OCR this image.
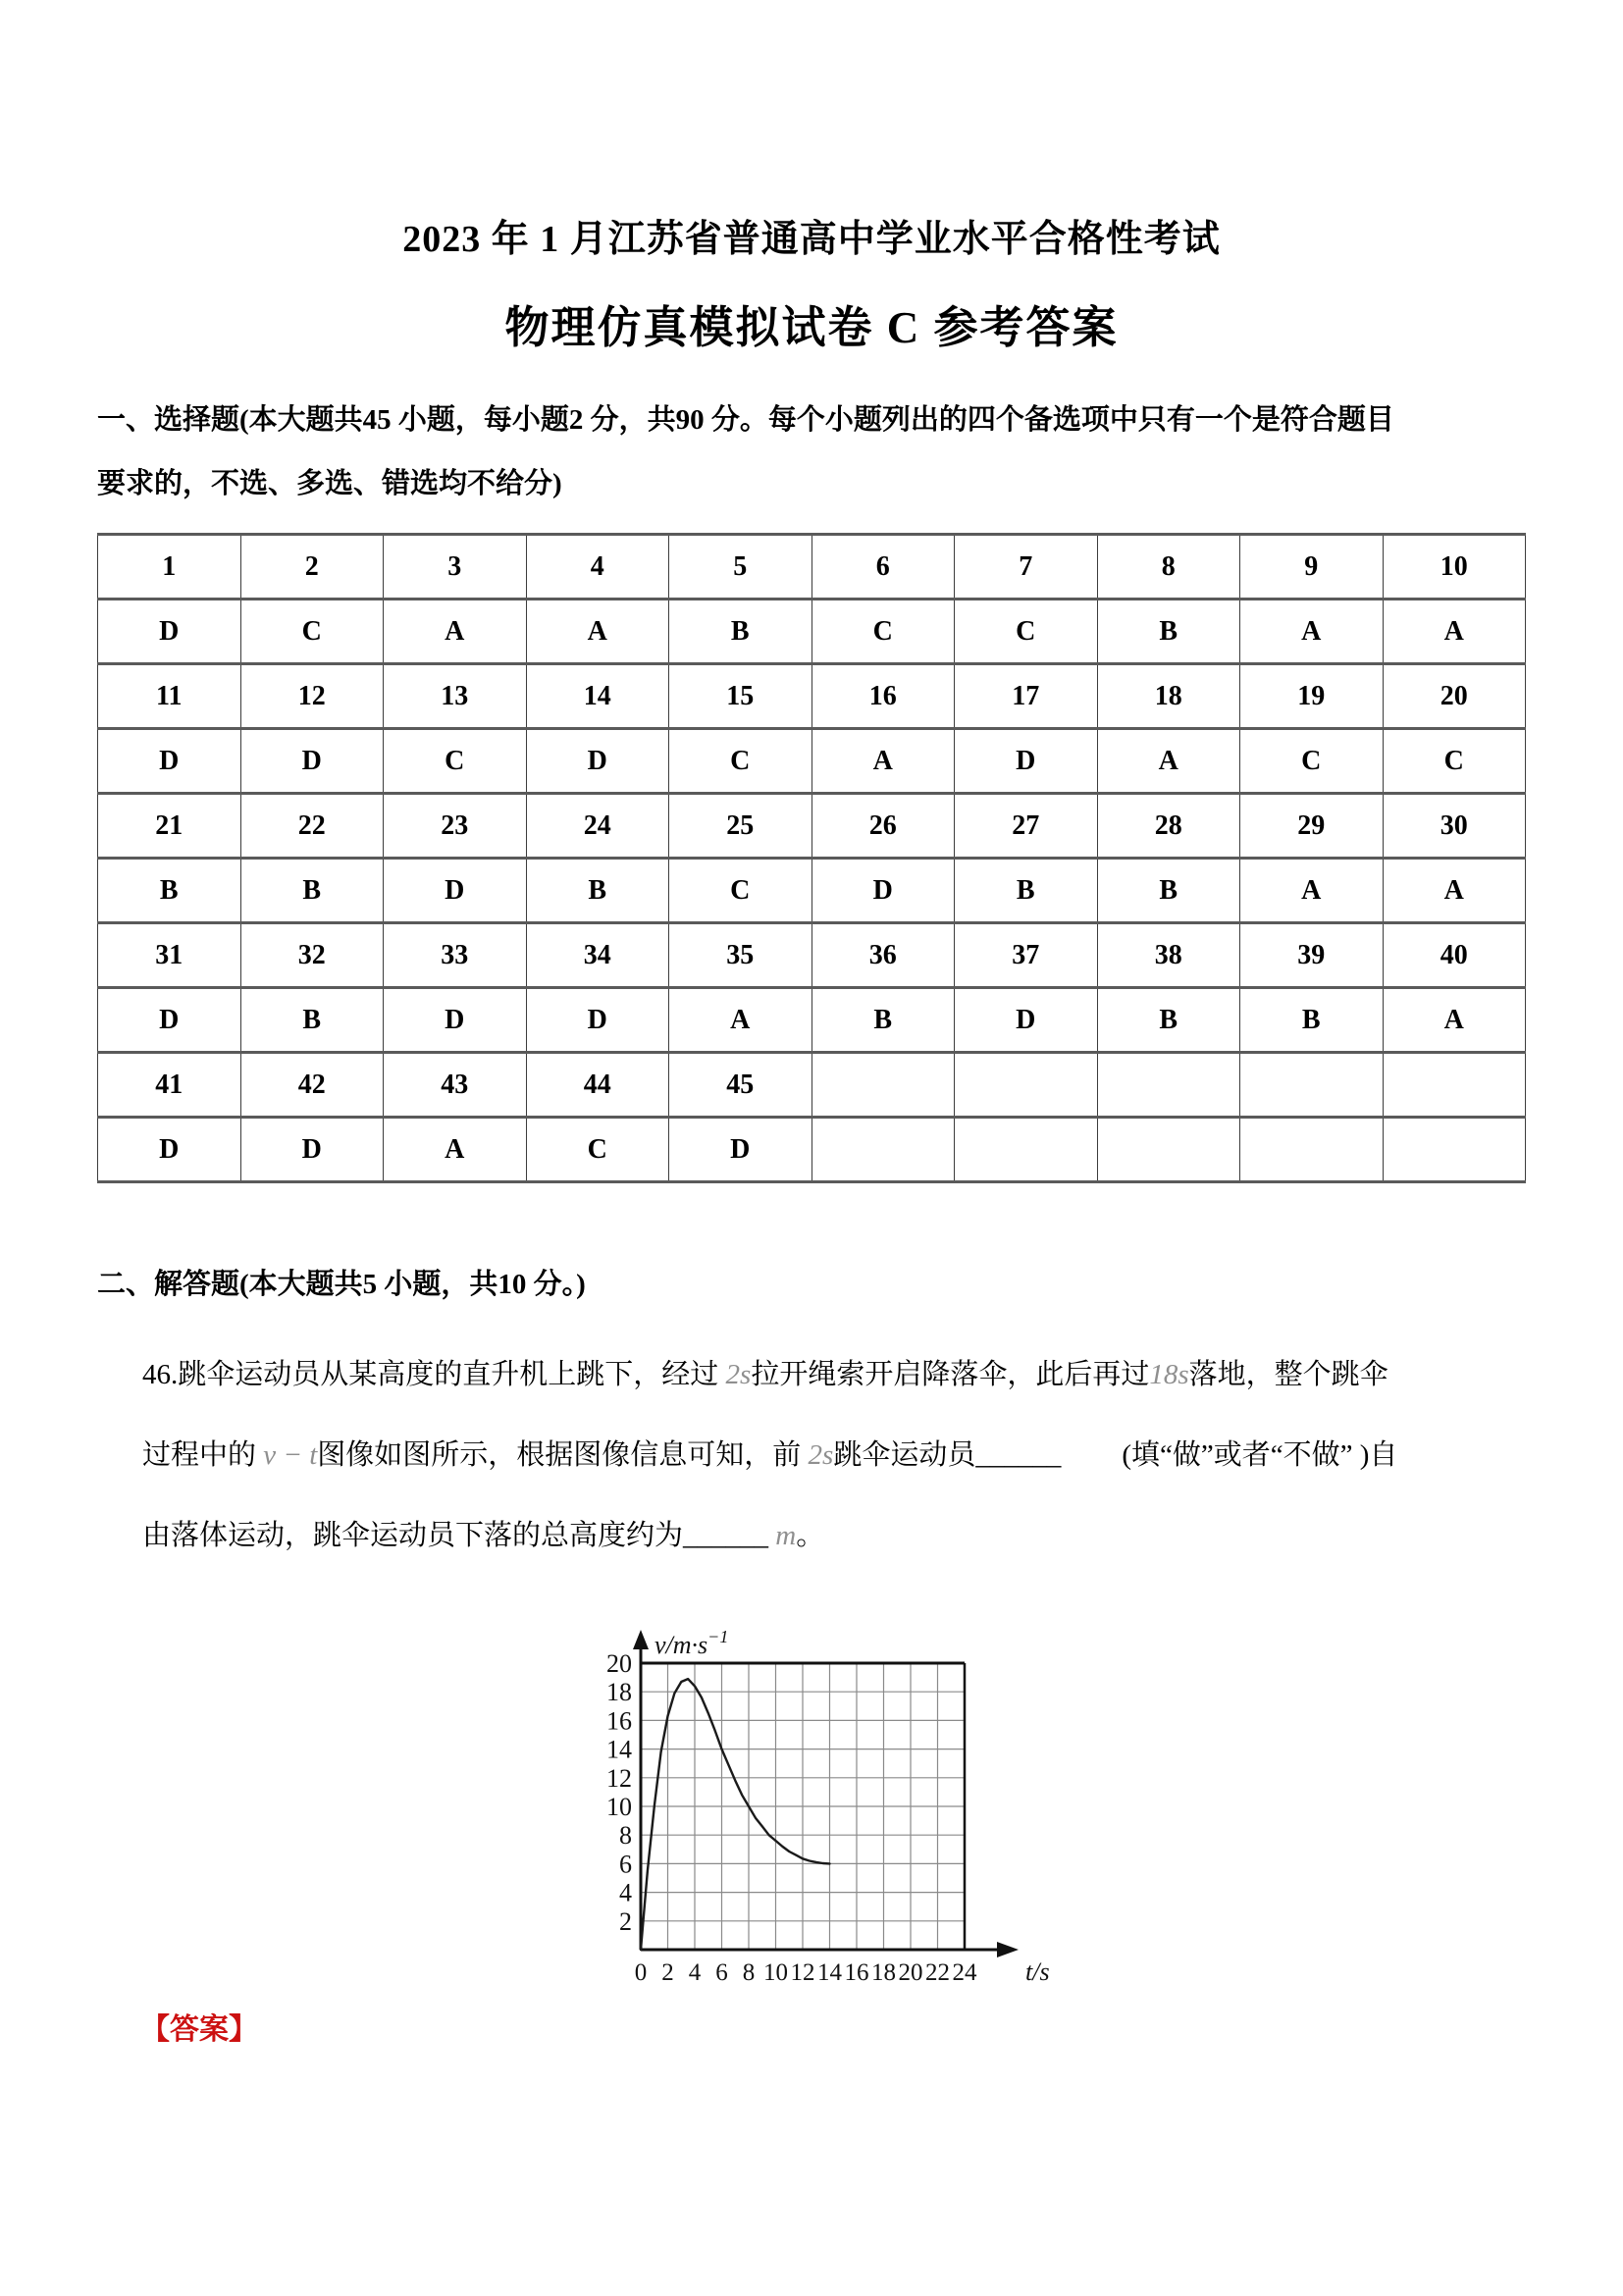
2023 年 1 月江苏省普通高中学业水平合格性考试
物理仿真模拟试卷 C 参考答案
一、选择题(本大题共45 小题，每小题2 分，共90 分。每个小题列出的四个备选项中只有一个是符合题目
要求的，不选、多选、错选均不给分)
1	2	3	4	5	6	7	8	9	10
D	C	A	A	B	C	C	B	A	A
11	12	13	14	15	16	17	18	19	20
D	D	C	D	C	A	D	A	C	C
21	22	23	24	25	26	27	28	29	30
B	B	D	B	C	D	B	B	A	A
31	32	33	34	35	36	37	38	39	40
D	B	D	D	A	B	D	B	B	A
41	42	43	44	45					
D	D	A	C	D					
二、解答题(本大题共5 小题，共10 分。)
46.跳伞运动员从某高度的直升机上跳下，经过 2s拉开绳索开启降落伞，此后再过18s落地，整个跳伞
过程中的 v − t图像如图所示，根据图像信息可知，前 2s跳伞运动员______ (填“做”或者“不做” )自
由落体运动，跳伞运动员下落的总高度约为______ m。
2
4
6
8
10
12
14
16
18
20
0 2 4 6 8 10 12 14 16 18 20 22 24
$v/m\cdot s^{-1}$
t/s
【答案】
